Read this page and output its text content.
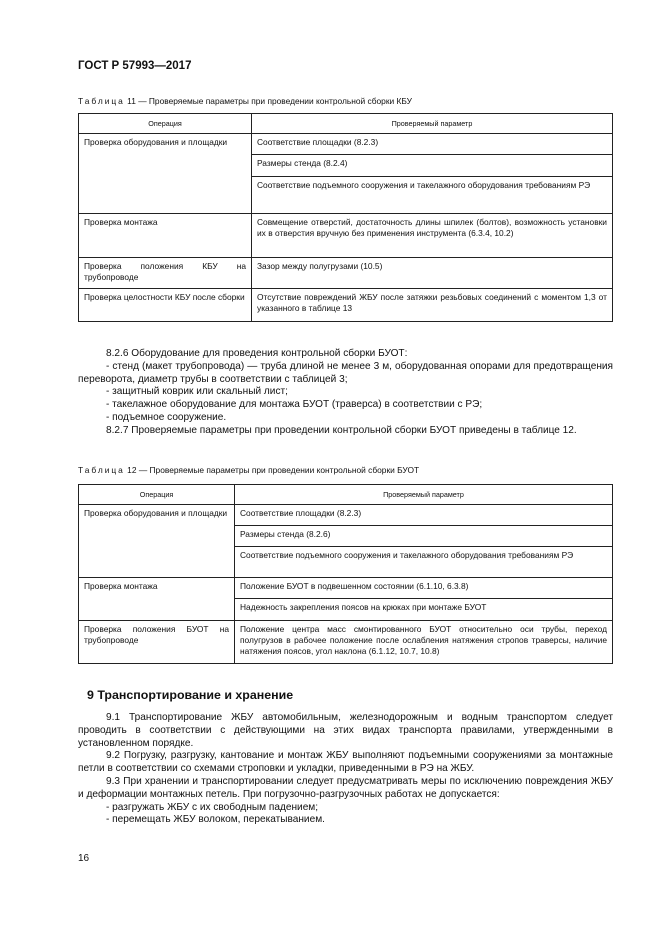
ГОСТ Р 57993—2017
Таблица 11 — Проверяемые параметры при проведении контрольной сборки КБУ
Операция	Проверяемый параметр
Проверка оборудования и площадки	Соответствие площадки (8.2.3)
	Размеры стенда (8.2.4)
	Соответствие подъемного сооружения и такелажного оборудования требованиям РЭ
Проверка монтажа	Совмещение отверстий, достаточность длины шпилек (болтов), возможность установки их в отверстия вручную без применения инструмента (6.3.4, 10.2)
Проверка положения КБУ на трубопроводе	Зазор между полугрузами (10.5)
Проверка целостности КБУ после сборки	Отсутствие повреждений ЖБУ после затяжки резьбовых соединений с моментом 1,3 от указанного в таблице 13

8.2.6 Оборудование для проведения контрольной сборки БУОТ:

- стенд (макет трубопровода) — труба длиной не менее 3 м, оборудованная опорами для предотвращения переворота, диаметр трубы в соответствии с таблицей 3;

- защитный коврик или скальный лист;

- такелажное оборудование для монтажа БУОТ (траверса) в соответствии с РЭ;

- подъемное сооружение.

8.2.7 Проверяемые параметры при проведении контрольной сборки БУОТ приведены в таблице 12.

Таблица 12 — Проверяемые параметры при проведении контрольной сборки БУОТ
Операция	Проверяемый параметр
Проверка оборудования и площадки	Соответствие площадки (8.2.3)
	Размеры стенда (8.2.6)
	Соответствие подъемного сооружения и такелажного оборудования требованиям РЭ
Проверка монтажа	Положение БУОТ в подвешенном состоянии (6.1.10, 6.3.8)
	Надежность закрепления поясов на крюках при монтаже БУОТ
Проверка положения БУОТ на трубопроводе	Положение центра масс смонтированного БУОТ относительно оси трубы, переход полугрузов в рабочее положение после ослабления натяжения стропов траверсы, наличие натяжения поясов, угол наклона (6.1.12, 10.7, 10.8)
9 Транспортирование и хранение

9.1 Транспортирование ЖБУ автомобильным, железнодорожным и водным транспортом следует проводить в соответствии с действующими на этих видах транспорта правилами, утвержденными в установленном порядке.

9.2 Погрузку, разгрузку, кантование и монтаж ЖБУ выполняют подъемными сооружениями за монтажные петли в соответствии со схемами строповки и укладки, приведенными в РЭ на ЖБУ.

9.3 При хранении и транспортировании следует предусматривать меры по исключению повреждения ЖБУ и деформации монтажных петель. При погрузочно-разгрузочных работах не допускается:

- разгружать ЖБУ с их свободным падением;

- перемещать ЖБУ волоком, перекатыванием.

16
